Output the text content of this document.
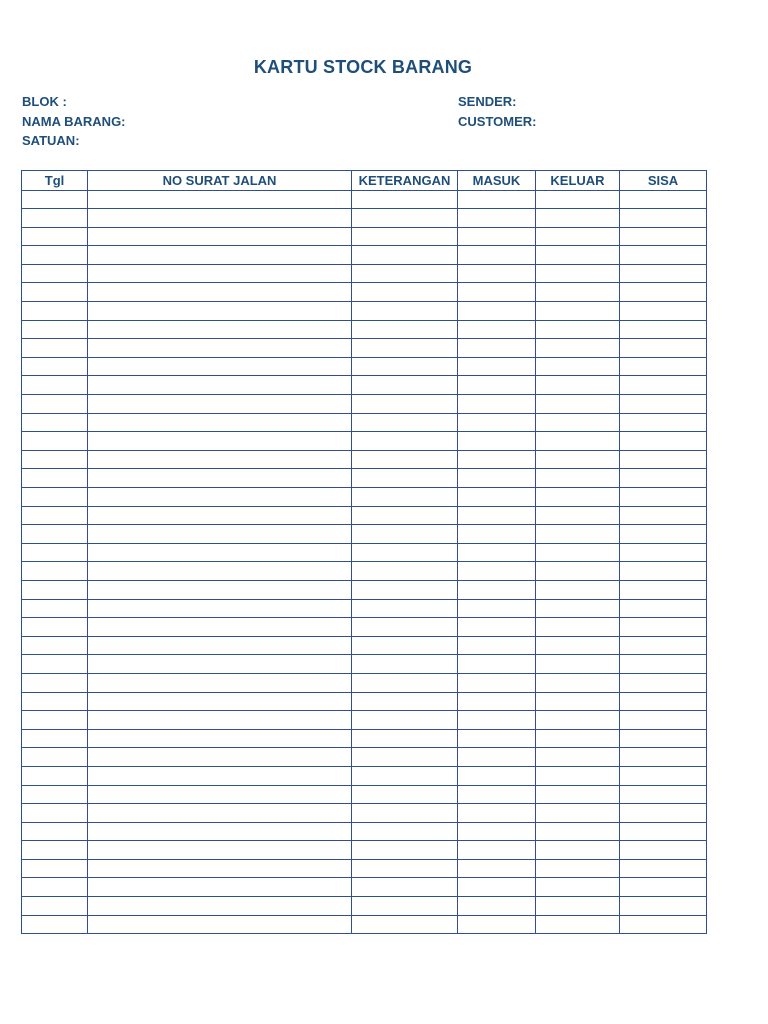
KARTU STOCK BARANG
BLOK :
NAMA BARANG:
SATUAN:
SENDER:
CUSTOMER:
Tgl	NO SURAT JALAN	KETERANGAN	MASUK	KELUAR	SISA
